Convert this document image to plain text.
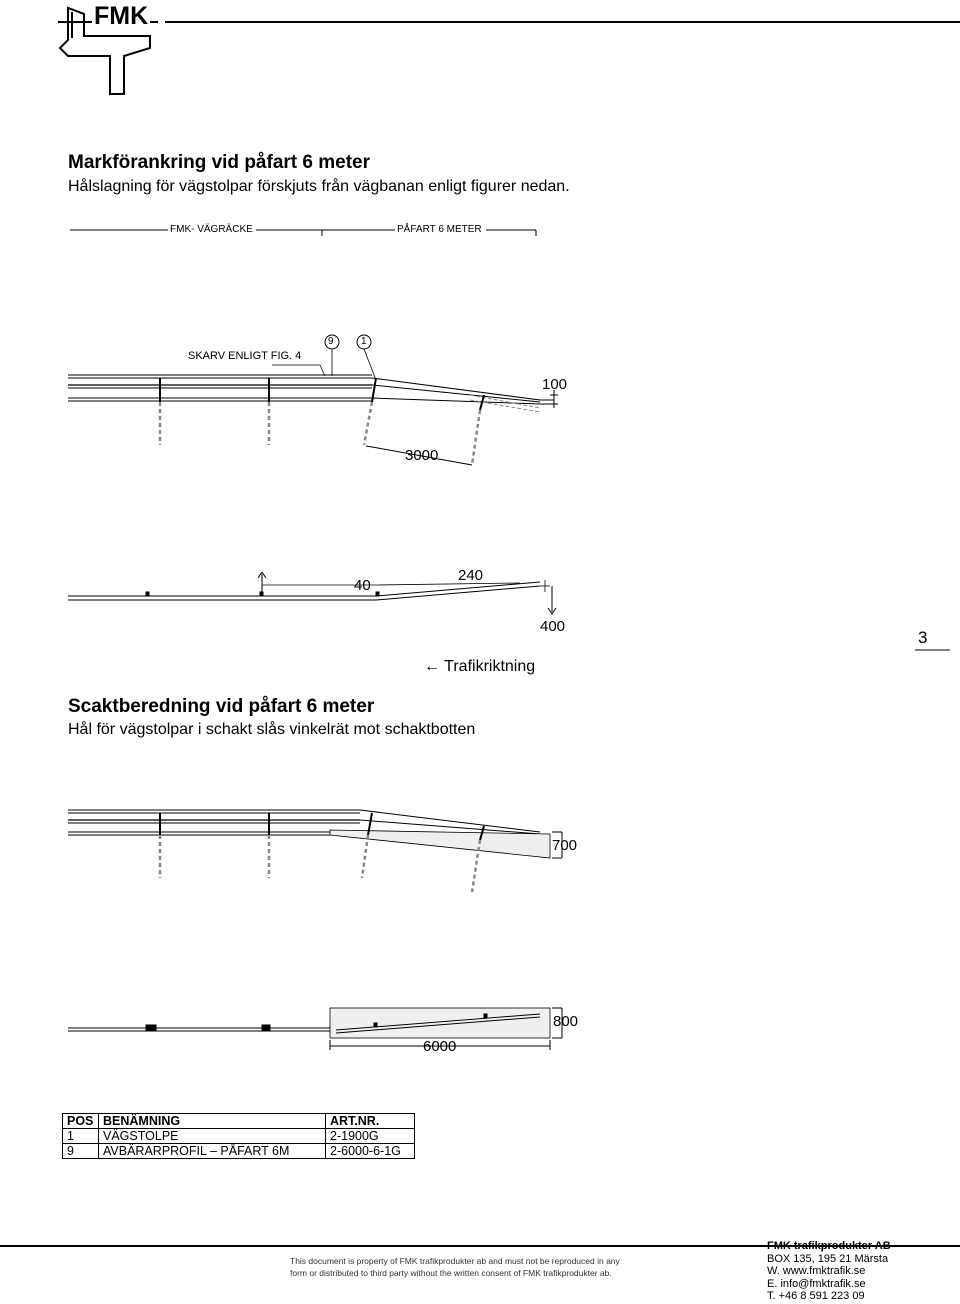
FMK
Markförankring vid påfart 6 meter
Hålslagning för vägstolpar förskjuts från vägbanan enligt figurer nedan.
FMK- VÄGRÄCKE	PÅFART 6 METER
SKARV ENLIGT FIG. 4
9	1
100
3000
40
240
400
3
← Trafikriktning
Scaktberedning vid påfart 6 meter
Hål för vägstolpar i schakt slås vinkelrät mot schaktbotten
700
800
6000
POS	BENÄMNING	ART.NR.
1	VÄGSTOLPE	2-1900G
9	AVBÄRARPROFIL – PÅFART 6M	2-6000-6-1G
This document is property of FMK trafikprodukter ab and must not be reproduced in any
form or distributed to third party without the written consent of FMK trafikprodukter ab.
FMK trafikprodukter AB
BOX 135, 195 21 Märsta
W. www.fmktrafik.se
E. info@fmktrafik.se
T. +46 8 591 223 09
